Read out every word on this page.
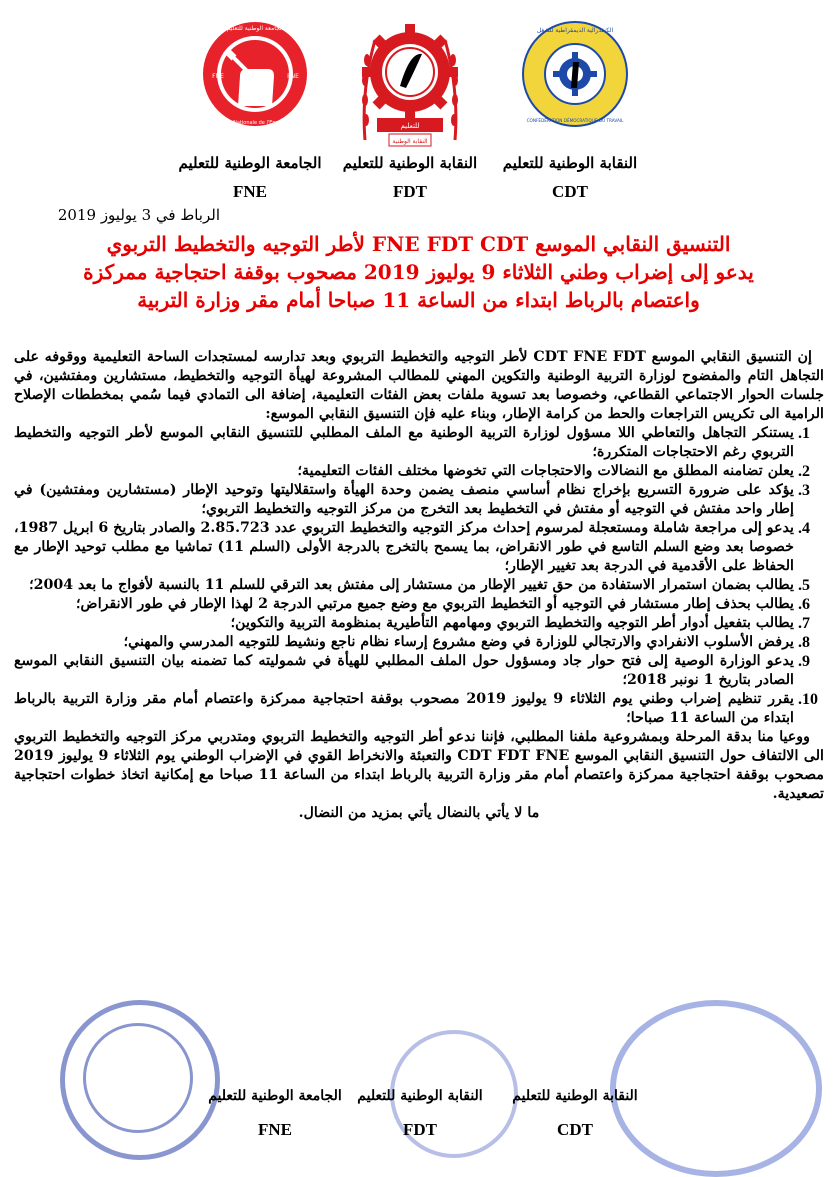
الجامعة الوطنية للتعليم
Fédération Nationale de l'Enseignement
FNE	FNE
للتعليم
النقابة الوطنية
الكنفدرالية الديمقراطية للشغل
CONFÉDÉRATION DÉMOCRATIQUE DU TRAVAIL
الجامعة الوطنية للتعليم
FNE
النقابة الوطنية للتعليم
FDT
النقابة الوطنية للتعليم
CDT
الرباط في 3 يوليوز 2019
التنسيق النقابي الموسع FNE FDT CDT لأطر التوجيه والتخطيط التربوي
يدعو إلى إضراب وطني الثلاثاء 9 يوليوز 2019 مصحوب بوقفة احتجاجية ممركزة
واعتصام بالرباط ابتداء من الساعة 11 صباحا أمام مقر وزارة التربية

إن التنسيق النقابي الموسع CDT FNE FDT لأطر التوجيه والتخطيط التربوي وبعد تدارسه لمستجدات الساحة التعليمية ووقوفه على التجاهل التام والمفضوح لوزارة التربية الوطنية والتكوين المهني للمطالب المشروعة لهيأة التوجيه والتخطيط، مستشارين ومفتشين، في جلسات الحوار الاجتماعي القطاعي، وخصوصا بعد تسوية ملفات بعض الفئات التعليمية، إضافة الى التمادي فيما سُمي بمخططات الإصلاح الرامية الى تكريس التراجعات والحط من كرامة الإطار، وبناء عليه فإن التنسيق النقابي الموسع:

1.
يستنكر التجاهل والتعاطي اللا مسؤول لوزارة التربية الوطنية مع الملف المطلبي للتنسيق النقابي الموسع لأطر التوجيه والتخطيط التربوي رغم الاحتجاجات المتكررة؛
2.
يعلن تضامنه المطلق مع النضالات والاحتجاجات التي تخوضها مختلف الفئات التعليمية؛
3.
يؤكد على ضرورة التسريع بإخراج نظام أساسي منصف يضمن وحدة الهيأة واستقلاليتها وتوحيد الإطار (مستشارين ومفتشين) في إطار واحد مفتش في التوجيه أو مفتش في التخطيط بعد التخرج من مركز التوجيه والتخطيط التربوي؛
4.
يدعو إلى مراجعة شاملة ومستعجلة لمرسوم إحداث مركز التوجيه والتخطيط التربوي عدد 2.85.723 والصادر بتاريخ 6 ابريل 1987، خصوصا بعد وضع السلم التاسع في طور الانقراض، بما يسمح بالتخرج بالدرجة الأولى (السلم 11) تماشيا مع مطلب توحيد الإطار مع الحفاظ على الأقدمية في الدرجة بعد تغيير الإطار؛
5.
يطالب بضمان استمرار الاستفادة من حق تغيير الإطار من مستشار إلى مفتش بعد الترقي للسلم 11 بالنسبة لأفواج ما بعد 2004؛
6.
يطالب بحذف إطار مستشار في التوجيه أو التخطيط التربوي مع وضع جميع مرتبي الدرجة 2 لهذا الإطار في طور الانقراض؛
7.
يطالب بتفعيل أدوار أطر التوجيه والتخطيط التربوي ومهامهم التأطيرية بمنظومة التربية والتكوين؛
8.
يرفض الأسلوب الانفرادي والارتجالي للوزارة في وضع مشروع إرساء نظام ناجع ونشيط للتوجيه المدرسي والمهني؛
9.
يدعو الوزارة الوصية إلى فتح حوار جاد ومسؤول حول الملف المطلبي للهيأة في شموليته كما تضمنه بيان التنسيق النقابي الموسع الصادر بتاريخ 1 نونبر 2018؛
10.
يقرر تنظيم إضراب وطني يوم الثلاثاء 9 يوليوز 2019 مصحوب بوقفة احتجاجية ممركزة واعتصام أمام مقر وزارة التربية بالرباط ابتداء من الساعة 11 صباحا؛

ووعيا منا بدقة المرحلة وبمشروعية ملفنا المطلبي، فإننا ندعو أطر التوجيه والتخطيط التربوي ومتدربي مركز التوجيه والتخطيط التربوي الى الالتفاف حول التنسيق النقابي الموسع CDT FDT FNE والتعبئة والانخراط القوي في الإضراب الوطني يوم الثلاثاء 9 يوليوز 2019 مصحوب بوقفة احتجاجية ممركزة واعتصام أمام مقر وزارة التربية بالرباط ابتداء من الساعة 11 صباحا مع إمكانية اتخاذ خطوات احتجاجية تصعيدية.

ما لا يأتي بالنضال يأتي بمزيد من النضال.

الجامعة الوطنية للتعليم
FNE
النقابة الوطنية للتعليم
FDT
النقابة الوطنية للتعليم
CDT
